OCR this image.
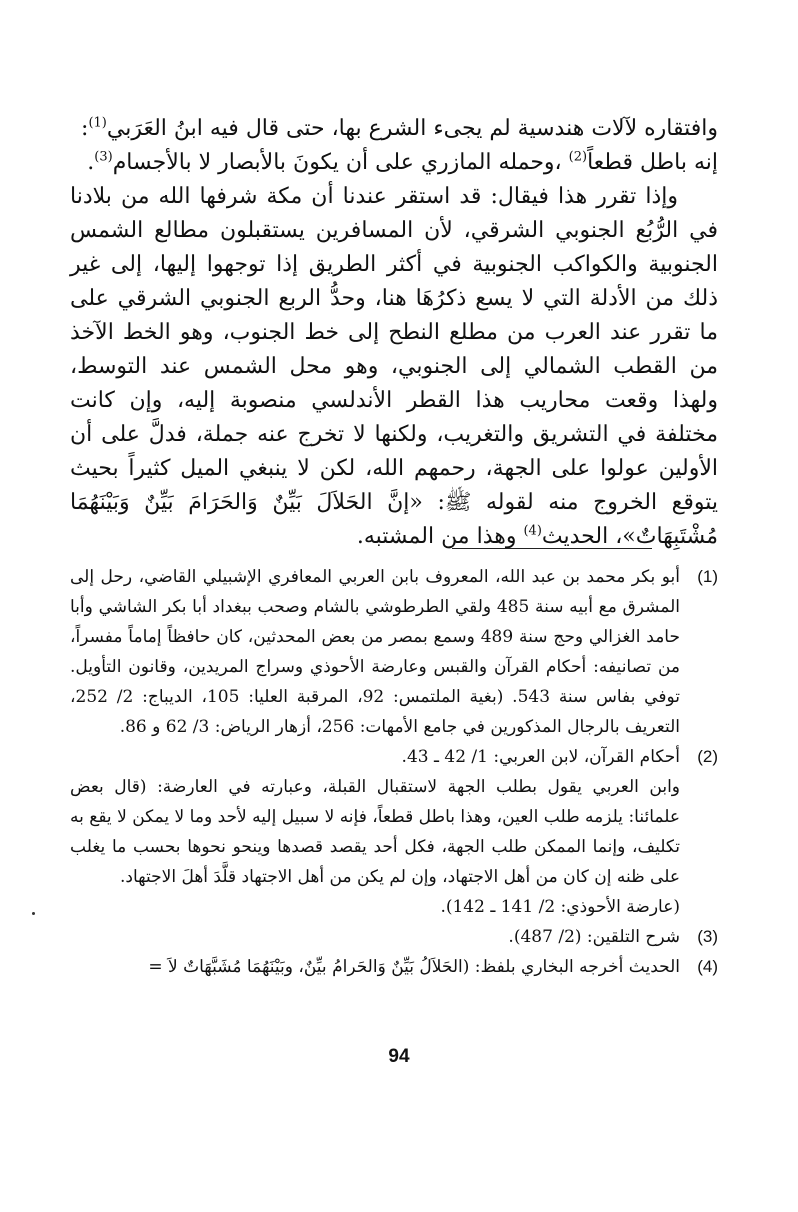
وافتقاره لآلات هندسية لم يجىء الشرع بها، حتى قال فيه ابنُ العَرَبي$^{(1)}$:
إنه باطل قطعاً$^{(2)}$ ،وحمله المازري على أن يكونَ بالأبصار لا بالأجسام$^{(3)}$.

وإذا تقرر هذا فيقال: قد استقر عندنا أن مكة شرفها الله من بلادنا في الرُّبُع الجنوبي الشرقي، لأن المسافرين يستقبلون مطالع الشمس الجنوبية والكواكب الجنوبية في أكثر الطريق إذا توجهوا إليها، إلى غير ذلك من الأدلة التي لا يسع ذكرُهَا هنا، وحدُّ الربع الجنوبي الشرقي على ما تقرر عند العرب من مطلع النطح إلى خط الجنوب، وهو الخط الآخذ من القطب الشمالي إلى الجنوبي، وهو محل الشمس عند التوسط، ولهذا وقعت محاريب هذا القطر الأندلسي منصوبة إليه، وإن كانت مختلفة في التشريق والتغريب، ولكنها لا تخرج عنه جملة، فدلَّ على أن الأولين عولوا على الجهة، رحمهم الله، لكن لا ينبغي الميل كثيراً بحيث يتوقع الخروج منه لقوله ﷺ: «إنَّ الحَلاَلَ بَيِّنٌ وَالحَرَامَ بَيِّنٌ وَبَيْنَهُمَا مُشْتَبِهَاتٌ»، الحديث$^{(4)}$ وهذا من المشتبه.

(1)
أبو بكر محمد بن عبد الله، المعروف بابن العربي المعافري الإشبيلي القاضي، رحل إلى المشرق مع أبيه سنة 485 ولقي الطرطوشي بالشام وصحب ببغداد أبا بكر الشاشي وأبا حامد الغزالي وحج سنة 489 وسمع بمصر من بعض المحدثين، كان حافظاً إماماً مفسراً، من تصانيفه: أحكام القرآن والقبس وعارضة الأحوذي وسراج المريدين، وقانون التأويل. توفي بفاس سنة 543. (بغية الملتمس: 92، المرقبة العليا: 105، الديباج: 2/ 252، التعريف بالرجال المذكورين في جامع الأمهات: 256، أزهار الرياض: 3/ 62 و 86.
(2)
أحكام القرآن، لابن العربي: 1/ 42 ـ 43.
وابن العربي يقول بطلب الجهة لاستقبال القبلة، وعبارته في العارضة: (قال بعض علمائنا: يلزمه طلب العين، وهذا باطل قطعاً، فإنه لا سبيل إليه لأحد وما لا يمكن لا يقع به تكليف، وإنما الممكن طلب الجهة، فكل أحد يقصد قصدها وينحو نحوها بحسب ما يغلب على ظنه إن كان من أهل الاجتهاد، وإن لم يكن من أهل الاجتهاد قلَّدَ أهلَ الاجتهاد.
(عارضة الأحوذي: 2/ 141 ـ 142).
(3)
شرح التلقين: (2/ 487).
(4)
الحديث أخرجه البخاري بلفظ: (الحَلاَلُ بَيِّنٌ وَالحَرامُ بيِّنٌ، وبَيْنَهُمَا مُشَبَّهَاتٌ لاَ =
94
